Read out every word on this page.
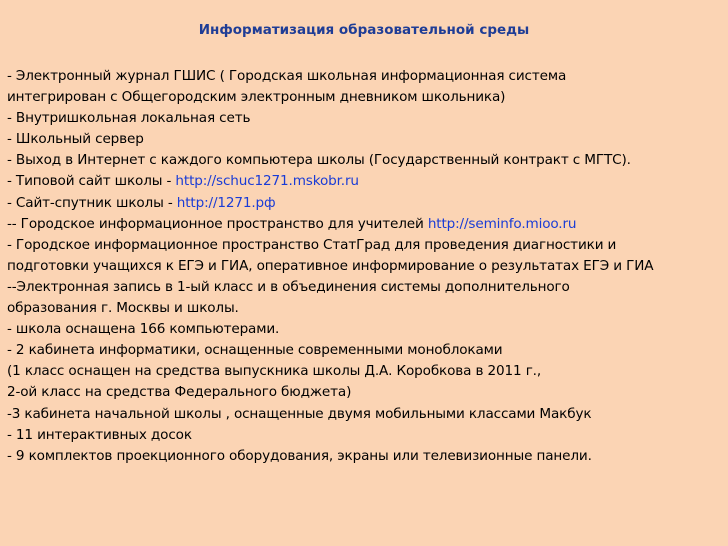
Информатизация образовательной среды
- Электронный журнал ГШИС ( Городская школьная информационная система
интегрирован с Общегородским электронным дневником школьника)
- Внутришкольная локальная сеть
- Школьный сервер
- Выход в Интернет с каждого компьютера школы (Государственный контракт с МГТС).
- Типовой сайт школы - http://schuc1271.mskobr.ru
- Сайт-спутник школы - http://1271.рф
-- Городское информационное пространство для учителей http://seminfo.mioo.ru
- Городское информационное пространство СтатГрад для проведения диагностики и
подготовки учащихся к ЕГЭ и ГИА, оперативное информирование о результатах ЕГЭ и ГИА
--Электронная запись в 1-ый класс и в объединения системы дополнительного
образования г. Москвы и школы.
- школа оснащена 166 компьютерами.
- 2 кабинета информатики, оснащенные современными моноблоками
(1 класс оснащен на средства выпускника школы Д.А. Коробкова в 2011 г.,
2-ой класс на средства Федерального бюджета)
-3 кабинета начальной школы , оснащенные двумя мобильными классами Макбук
- 11 интерактивных досок
- 9 комплектов проекционного оборудования, экраны или телевизионные панели.
